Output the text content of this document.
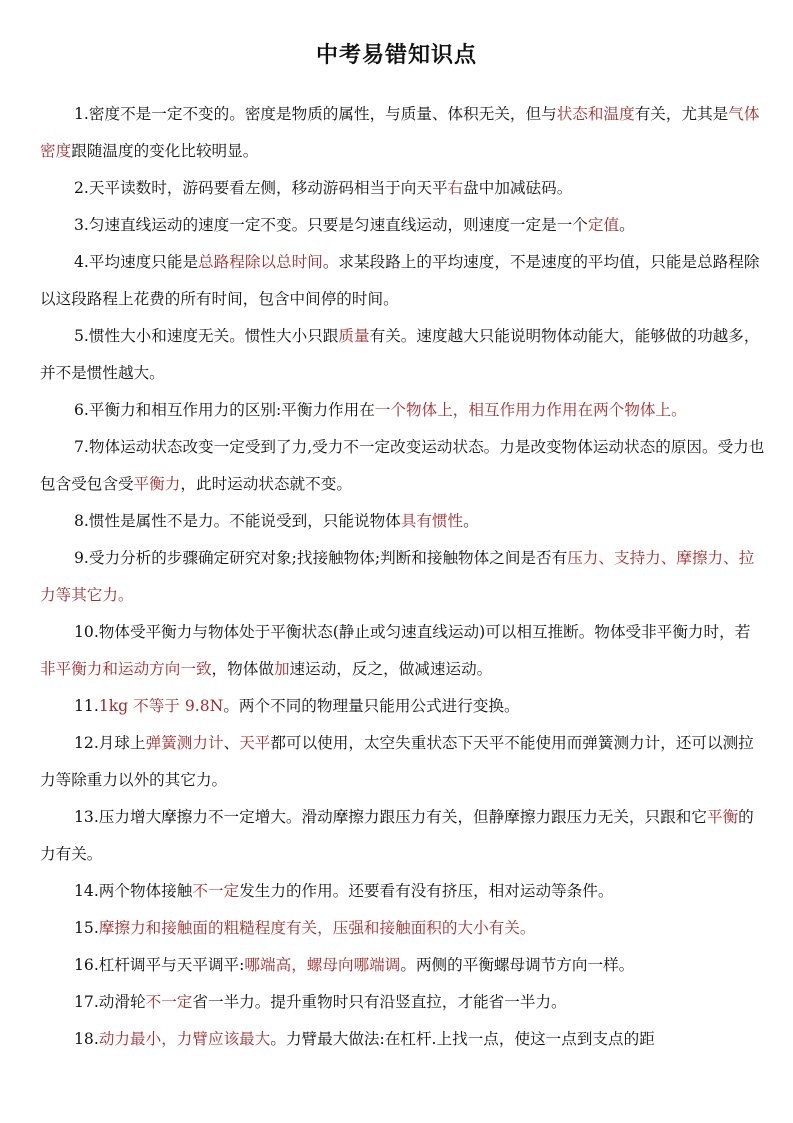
中考易错知识点

1.密度不是一定不变的。密度是物质的属性，与质量、体积无关，但与状态和温度有关，尤其是气体密度跟随温度的变化比较明显。

2.天平读数时，游码要看左侧，移动游码相当于向天平右盘中加减砝码。

3.匀速直线运动的速度一定不变。只要是匀速直线运动，则速度一定是一个定值。

4.平均速度只能是总路程除以总时间。求某段路上的平均速度，不是速度的平均值，只能是总路程除以这段路程上花费的所有时间，包含中间停的时间。

5.惯性大小和速度无关。惯性大小只跟质量有关。速度越大只能说明物体动能大，能够做的功越多，并不是惯性越大。

6.平衡力和相互作用力的区别:平衡力作用在一个物体上，相互作用力作用在两个物体上。

7.物体运动状态改变一定受到了力,受力不一定改变运动状态。力是改变物体运动状态的原因。受力也包含受包含受平衡力，此时运动状态就不变。

8.惯性是属性不是力。不能说受到，只能说物体具有惯性。

9.受力分析的步骤确定研究对象;找接触物体;判断和接触物体之间是否有压力、支持力、摩擦力、拉力等其它力。

10.物体受平衡力与物体处于平衡状态(静止或匀速直线运动)可以相互推断。物体受非平衡力时，若非平衡力和运动方向一致，物体做加速运动，反之，做减速运动。

11.1kg 不等于 9.8N。两个不同的物理量只能用公式进行变换。

12.月球上弹簧测力计、天平都可以使用，太空失重状态下天平不能使用而弹簧测力计，还可以测拉力等除重力以外的其它力。

13.压力增大摩擦力不一定增大。滑动摩擦力跟压力有关，但静摩擦力跟压力无关，只跟和它平衡的力有关。

14.两个物体接触不一定发生力的作用。还要看有没有挤压，相对运动等条件。

15.摩擦力和接触面的粗糙程度有关，压强和接触面积的大小有关。

16.杠杆调平与天平调平:哪端高，螺母向哪端调。两侧的平衡螺母调节方向一样。

17.动滑轮不一定省一半力。提升重物时只有沿竖直拉，才能省一半力。

18.动力最小，力臂应该最大。力臂最大做法:在杠杆.上找一点，使这一点到支点的距
